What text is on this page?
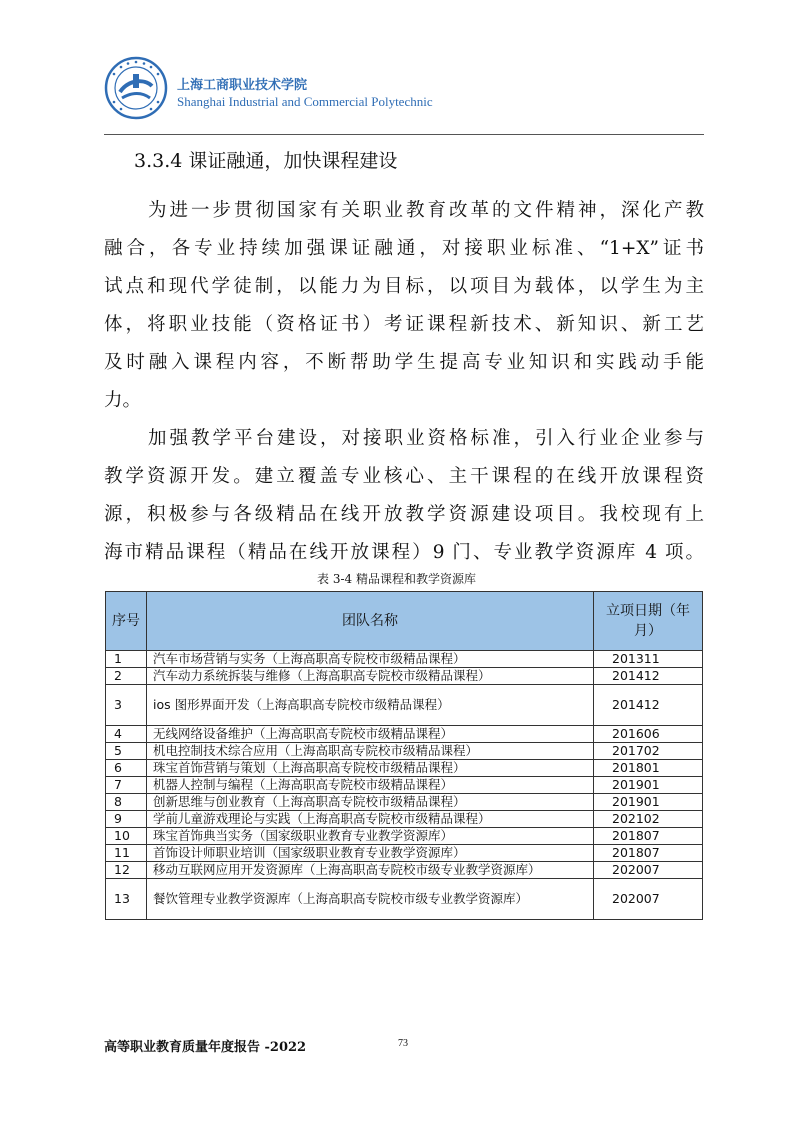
上海工商职业技术学院
Shanghai Industrial and Commercial Polytechnic
3.3.4 课证融通，加快课程建设

为进一步贯彻国家有关职业教育改革的文件精神，深化产教
融合，各专业持续加强课证融通，对接职业标准、“1+X”证书
试点和现代学徒制，以能力为目标，以项目为载体，以学生为主
体，将职业技能（资格证书）考证课程新技术、新知识、新工艺
及时融入课程内容，不断帮助学生提高专业知识和实践动手能
力。

加强教学平台建设，对接职业资格标准，引入行业企业参与
教学资源开发。建立覆盖专业核心、主干课程的在线开放课程资
源，积极参与各级精品在线开放教学资源建设项目。我校现有上
海市精品课程（精品在线开放课程）9 门、专业教学资源库 4 项。

表 3-4 精品课程和教学资源库
序号	团队名称	立项日期（年月）
1	汽车市场营销与实务（上海高职高专院校市级精品课程）	201311
2	汽车动力系统拆装与维修（上海高职高专院校市级精品课程）	201412
3	ios 图形界面开发（上海高职高专院校市级精品课程）	201412
4	无线网络设备维护（上海高职高专院校市级精品课程）	201606
5	机电控制技术综合应用（上海高职高专院校市级精品课程）	201702
6	珠宝首饰营销与策划（上海高职高专院校市级精品课程）	201801
7	机器人控制与编程（上海高职高专院校市级精品课程）	201901
8	创新思维与创业教育（上海高职高专院校市级精品课程）	201901
9	学前儿童游戏理论与实践（上海高职高专院校市级精品课程）	202102
10	珠宝首饰典当实务（国家级职业教育专业教学资源库）	201807
11	首饰设计师职业培训（国家级职业教育专业教学资源库）	201807
12	移动互联网应用开发资源库（上海高职高专院校市级专业教学资源库）	202007
13	餐饮管理专业教学资源库（上海高职高专院校市级专业教学资源库）	202007
高等职业教育质量年度报告 -2022	73
